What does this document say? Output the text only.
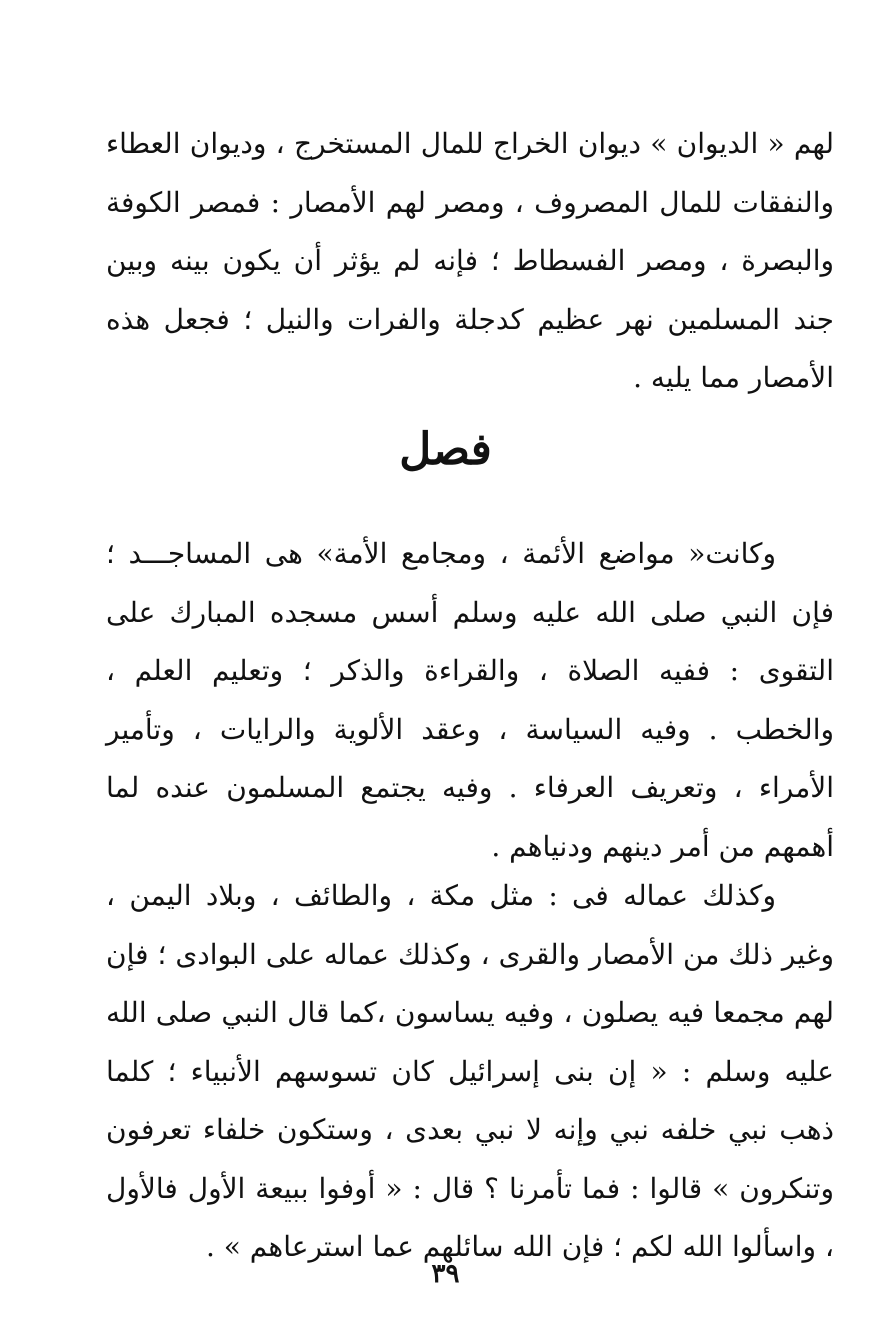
لهم « الديوان » ديوان الخراج للمال المستخرج ، وديوان العطاء والنفقات للمال المصروف ، ومصر لهم الأمصار : فمصر الكوفة والبصرة ، ومصر الفسطاط ؛ فإنه لم يؤثر أن يكون بينه وبين جند المسلمين نهر عظيم كدجلة والفرات والنيل ؛ فجعل هذه الأمصار مما يليه .

فصل

وكانت« مواضع الأئمة ، ومجامع الأمة» هى المساجـــد ؛ فإن النبي صلى الله عليه وسلم أسس مسجده المبارك على التقوى : ففيه الصلاة ، والقراءة والذكر ؛ وتعليم العلم ، والخطب . وفيه السياسة ، وعقد الألوية والرايات ، وتأمير الأمراء ، وتعريف العرفاء . وفيه يجتمع المسلمون عنده لما أهمهم من أمر دينهم ودنياهم .

وكذلك عماله فى : مثل مكة ، والطائف ، وبلاد اليمن ، وغير ذلك من الأمصار والقرى ، وكذلك عماله على البوادى ؛ فإن لهم مجمعا فيه يصلون ، وفيه يساسون ،كما قال النبي صلى الله عليه وسلم : « إن بنى إسرائيل كان تسوسهم الأنبياء ؛ كلما ذهب نبي خلفه نبي وإنه لا نبي بعدى ، وستكون خلفاء تعرفون وتنكرون » قالوا : فما تأمرنا ؟ قال : « أوفوا ببيعة الأول فالأول ، واسألوا الله لكم ؛ فإن الله سائلهم عما استرعاهم » .

٣٩
